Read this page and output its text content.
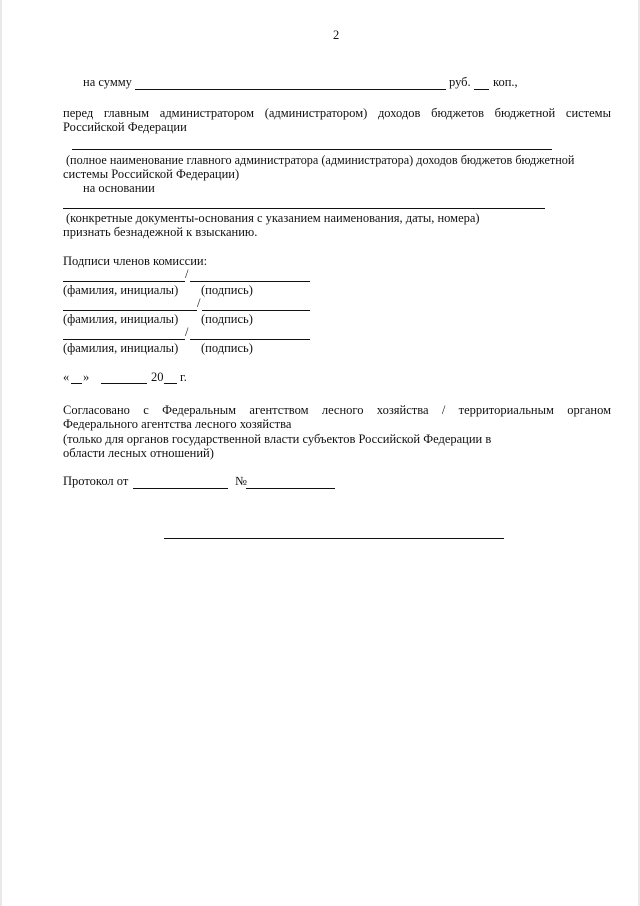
2
на сумму	руб. коп.,
перед главным администратором (администратором) доходов бюджетов бюджетной системы
Российской Федерации
(полное наименование главного администратора (администратора) доходов бюджетов бюджетной
системы Российской Федерации)
на основании
(конкретные документы-основания с указанием наименования, даты, номера)
признать безнадежной к взысканию.
Подписи членов комиссии:
/
(фамилия, инициалы) (подпись)
/
(фамилия, инициалы) (подпись)
/
(фамилия, инициалы) (подпись)
« »	20 г.
Согласовано с Федеральным агентством лесного хозяйства / территориальным органом
Федерального агентства лесного хозяйства
(только для органов государственной власти субъектов Российской Федерации в
области лесных отношений)
Протокол от	№
